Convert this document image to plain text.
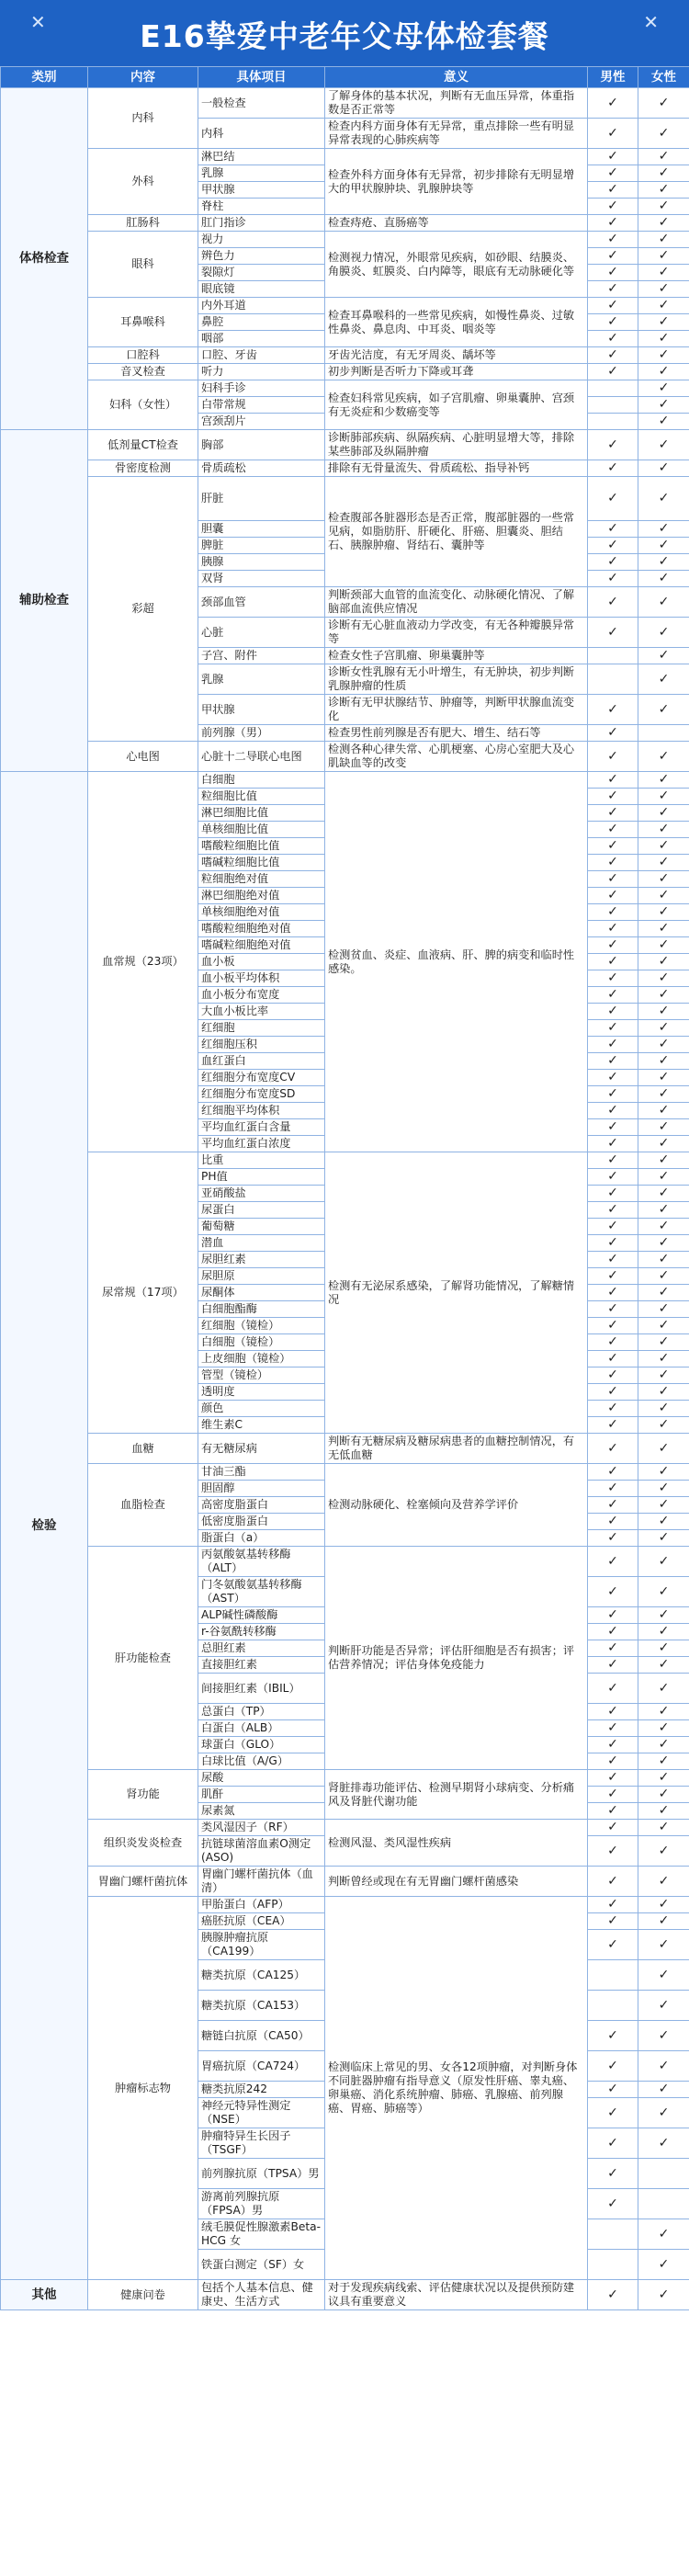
✕	E16挚爱中老年父母体检套餐	✕
类别	内容	具体项目	意义	男性	女性
体格检查	内科	一般检查	了解身体的基本状况，判断有无血压异常，体重指数是否正常等	✓	✓
		内科	检查内科方面身体有无异常，重点排除一些有明显异常表现的心肺疾病等	✓	✓
	外科	淋巴结	检查外科方面身体有无异常，初步排除有无明显增大的甲状腺肿块、乳腺肿块等	✓	✓
		乳腺		✓	✓
		甲状腺		✓	✓
		脊柱		✓	✓
	肛肠科	肛门指诊	检查痔疮、直肠癌等	✓	✓
	眼科	视力	检测视力情况，外眼常见疾病，如砂眼、结膜炎、角膜炎、虹膜炎、白内障等，眼底有无动脉硬化等	✓	✓
		辨色力		✓	✓
		裂隙灯		✓	✓
		眼底镜		✓	✓
	耳鼻喉科	内外耳道	检查耳鼻喉科的一些常见疾病，如慢性鼻炎、过敏性鼻炎、鼻息肉、中耳炎、咽炎等	✓	✓
		鼻腔		✓	✓
		咽部		✓	✓
	口腔科	口腔、牙齿	牙齿光洁度，有无牙周炎、龋坏等	✓	✓
	音叉检查	听力	初步判断是否听力下降或耳聋	✓	✓
	妇科（女性）	妇科手诊	检查妇科常见疾病，如子宫肌瘤、卵巢囊肿、宫颈有无炎症和少数癌变等		✓
		白带常规			✓
		宫颈刮片			✓
辅助检查	低剂量CT检查	胸部	诊断肺部疾病、纵隔疾病、心脏明显增大等，排除某些肺部及纵隔肿瘤	✓	✓
	骨密度检测	骨质疏松	排除有无骨量流失、骨质疏松、指导补钙	✓	✓
	彩超	肝脏	检查腹部各脏器形态是否正常，腹部脏器的一些常见病，如脂肪肝、肝硬化、肝癌、胆囊炎、胆结石、胰腺肿瘤、肾结石、囊肿等	✓	✓
		胆囊		✓	✓
		脾脏		✓	✓
		胰腺		✓	✓
		双肾		✓	✓
		颈部血管	判断颈部大血管的血流变化、动脉硬化情况、了解脑部血流供应情况	✓	✓
		心脏	诊断有无心脏血液动力学改变，有无各种瓣膜异常等	✓	✓
		子宫、附件	检查女性子宫肌瘤、卵巢囊肿等		✓
		乳腺	诊断女性乳腺有无小叶增生，有无肿块，初步判断乳腺肿瘤的性质		✓
		甲状腺	诊断有无甲状腺结节、肿瘤等，判断甲状腺血流变化	✓	✓
		前列腺（男）	检查男性前列腺是否有肥大、增生、结石等	✓	
	心电图	心脏十二导联心电图	检测各种心律失常、心肌梗塞、心房心室肥大及心肌缺血等的改变	✓	✓
检验	血常规（23项）	白细胞	检测贫血、炎症、血液病、肝、脾的病变和临时性感染。	✓	✓
		粒细胞比值		✓	✓
		淋巴细胞比值		✓	✓
		单核细胞比值		✓	✓
		嗜酸粒细胞比值		✓	✓
		嗜碱粒细胞比值		✓	✓
		粒细胞绝对值		✓	✓
		淋巴细胞绝对值		✓	✓
		单核细胞绝对值		✓	✓
		嗜酸粒细胞绝对值		✓	✓
		嗜碱粒细胞绝对值		✓	✓
		血小板		✓	✓
		血小板平均体积		✓	✓
		血小板分布宽度		✓	✓
		大血小板比率		✓	✓
		红细胞		✓	✓
		红细胞压积		✓	✓
		血红蛋白		✓	✓
		红细胞分布宽度CV		✓	✓
		红细胞分布宽度SD		✓	✓
		红细胞平均体积		✓	✓
		平均血红蛋白含量		✓	✓
		平均血红蛋白浓度		✓	✓
	尿常规（17项）	比重	检测有无泌尿系感染，了解肾功能情况，了解糖情况	✓	✓
		PH值		✓	✓
		亚硝酸盐		✓	✓
		尿蛋白		✓	✓
		葡萄糖		✓	✓
		潜血		✓	✓
		尿胆红素		✓	✓
		尿胆原		✓	✓
		尿酮体		✓	✓
		白细胞酯酶		✓	✓
		红细胞（镜检）		✓	✓
		白细胞（镜检）		✓	✓
		上皮细胞（镜检）		✓	✓
		管型（镜检）		✓	✓
		透明度		✓	✓
		颜色		✓	✓
		维生素C		✓	✓
	血糖	有无糖尿病	判断有无糖尿病及糖尿病患者的血糖控制情况，有无低血糖	✓	✓
	血脂检查	甘油三酯	检测动脉硬化、栓塞倾向及营养学评价	✓	✓
		胆固醇		✓	✓
		高密度脂蛋白		✓	✓
		低密度脂蛋白		✓	✓
		脂蛋白（a）		✓	✓
	肝功能检查	丙氨酸氨基转移酶（ALT）	判断肝功能是否异常；评估肝细胞是否有损害；评估营养情况；评估身体免疫能力	✓	✓
		门冬氨酸氨基转移酶（AST）		✓	✓
		ALP碱性磷酸酶		✓	✓
		r-谷氨酰转移酶		✓	✓
		总胆红素		✓	✓
		直接胆红素		✓	✓
		间接胆红素（IBIL）		✓	✓
		总蛋白（TP）		✓	✓
		白蛋白（ALB）		✓	✓
		球蛋白（GLO）		✓	✓
		白球比值（A/G）		✓	✓
	肾功能	尿酸	肾脏排毒功能评估、检测早期肾小球病变、分析痛风及肾脏代谢功能	✓	✓
		肌酐		✓	✓
		尿素氮		✓	✓
	组织炎发炎检查	类风湿因子（RF）	检测风湿、类风湿性疾病	✓	✓
		抗链球菌溶血素O测定(ASO)		✓	✓
	胃幽门螺杆菌抗体	胃幽门螺杆菌抗体（血清）	判断曾经或现在有无胃幽门螺杆菌感染	✓	✓
	肿瘤标志物	甲胎蛋白（AFP）	检测临床上常见的男、女各12项肿瘤，对判断身体不同脏器肿瘤有指导意义（原发性肝癌、睾丸癌、卵巢癌、消化系统肿瘤、肺癌、乳腺癌、前列腺癌、胃癌、肺癌等）	✓	✓
		癌胚抗原（CEA）		✓	✓
		胰腺肿瘤抗原（CA199）		✓	✓
		糖类抗原（CA125）			✓
		糖类抗原（CA153）			✓
		糖链白抗原（CA50）		✓	✓
		胃癌抗原（CA724）		✓	✓
		糖类抗原242		✓	✓
		神经元特异性测定（NSE）		✓	✓
		肿瘤特异生长因子（TSGF）		✓	✓
		前列腺抗原（TPSA）男		✓	
		游离前列腺抗原（FPSA）男		✓	
		绒毛膜促性腺激素Beta-HCG 女			✓
		铁蛋白测定（SF）女			✓
其他	健康问卷	包括个人基本信息、健康史、生活方式	对于发现疾病线索、评估健康状况以及提供预防建议具有重要意义	✓	✓
